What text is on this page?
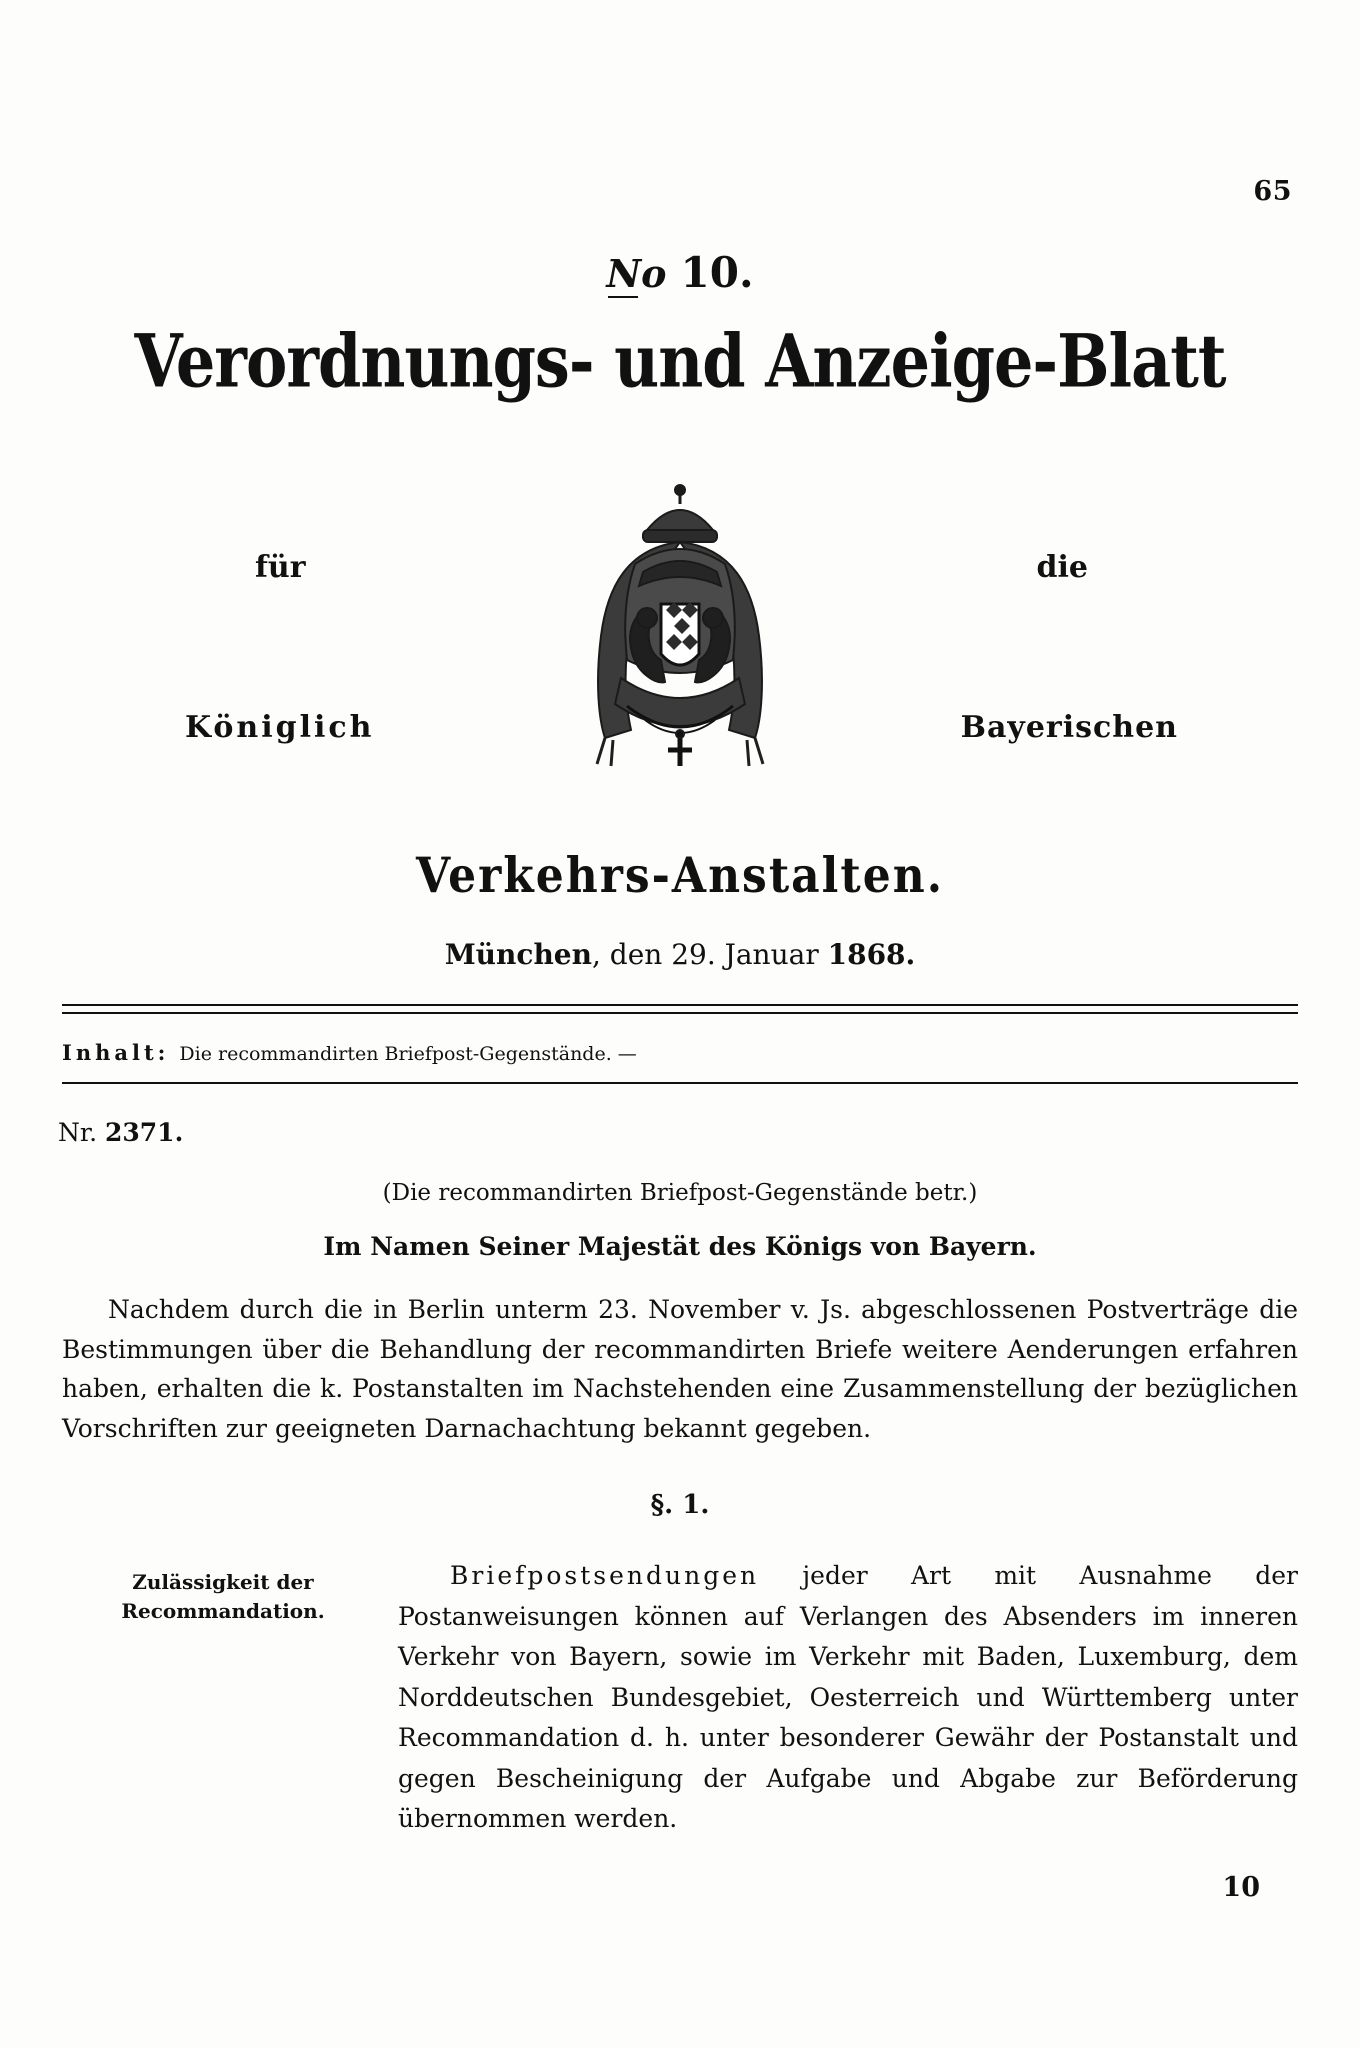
65
No 10.
Verordnungs- und Anzeige-Blatt
für	die
Königlich	Bayerischen
Verkehrs-Anstalten.
München, den 29. Januar 1868.
Inhalt: Die recommandirten Briefpost-Gegenstände. —
Nr. 2371.
(Die recommandirten Briefpost-Gegenstände betr.)
Im Namen Seiner Majestät des Königs von Bayern.
Nachdem durch die in Berlin unterm 23. November v. Js. abgeschlossenen Postverträge die Bestimmungen über die Behandlung der recommandirten Briefe weitere Aenderungen erfahren haben, erhalten die k. Postanstalten im Nachstehenden eine Zusammenstellung der bezüglichen Vorschriften zur geeigneten Darnachachtung bekannt gegeben.
§. 1.
Zulässigkeit der Recommandation.
Briefpostsendungen jeder Art mit Ausnahme der Postanweisungen können auf Verlangen des Absenders im inneren Verkehr von Bayern, sowie im Verkehr mit Baden, Luxemburg, dem Norddeutschen Bundesgebiet, Oesterreich und Württemberg unter Recommandation d. h. unter besonderer Gewähr der Postanstalt und gegen Bescheinigung der Aufgabe und Abgabe zur Beförderung übernommen werden.
10
